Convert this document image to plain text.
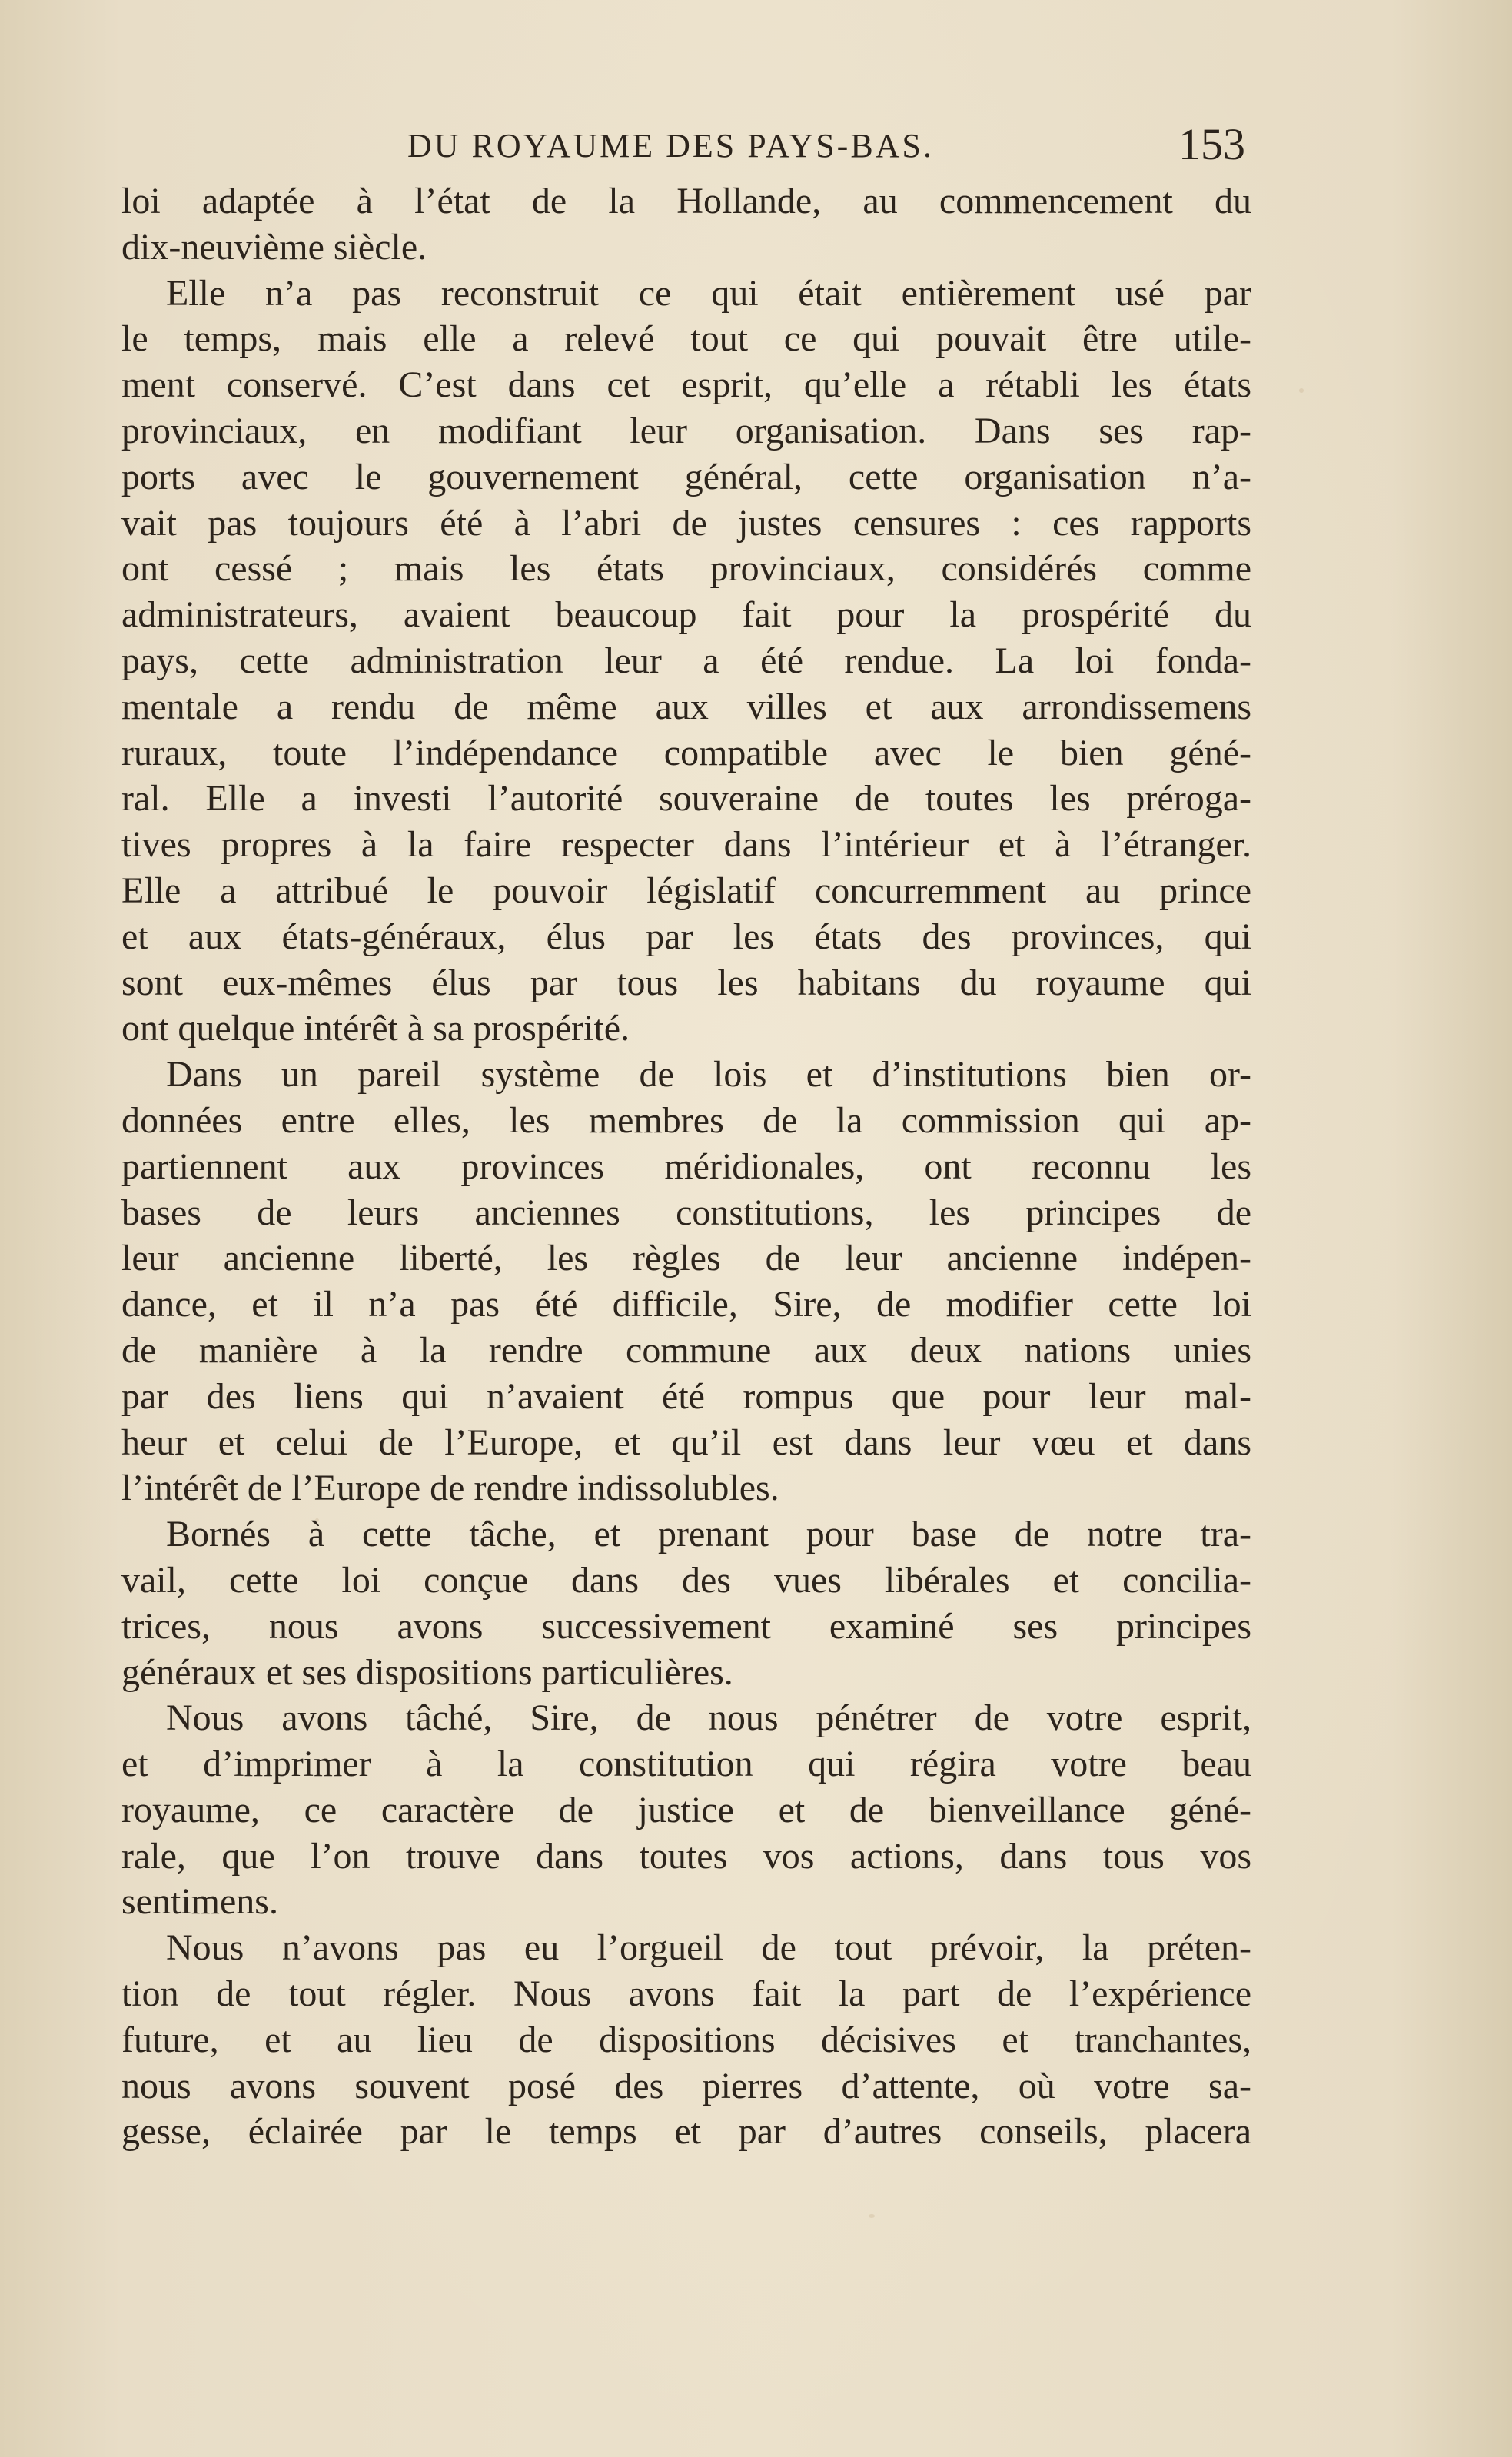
DU ROYAUME DES PAYS-BAS.	153
loi adaptée à l’état de la Hollande, au commencement du
dix-neuvième siècle.
Elle n’a pas reconstruit ce qui était entièrement usé par
le temps, mais elle a relevé tout ce qui pouvait être utile-
ment conservé. C’est dans cet esprit, qu’elle a rétabli les états
provinciaux, en modifiant leur organisation. Dans ses rap-
ports avec le gouvernement général, cette organisation n’a-
vait pas toujours été à l’abri de justes censures : ces rapports
ont cessé ; mais les états provinciaux, considérés comme
administrateurs, avaient beaucoup fait pour la prospérité du
pays, cette administration leur a été rendue. La loi fonda-
mentale a rendu de même aux villes et aux arrondissemens
ruraux, toute l’indépendance compatible avec le bien géné-
ral. Elle a investi l’autorité souveraine de toutes les préroga-
tives propres à la faire respecter dans l’intérieur et à l’étranger.
Elle a attribué le pouvoir législatif concurremment au prince
et aux états-généraux, élus par les états des provinces, qui
sont eux-mêmes élus par tous les habitans du royaume qui
ont quelque intérêt à sa prospérité.
Dans un pareil système de lois et d’institutions bien or-
données entre elles, les membres de la commission qui ap-
partiennent aux provinces méridionales, ont reconnu les
bases de leurs anciennes constitutions, les principes de
leur ancienne liberté, les règles de leur ancienne indépen-
dance, et il n’a pas été difficile, Sire, de modifier cette loi
de manière à la rendre commune aux deux nations unies
par des liens qui n’avaient été rompus que pour leur mal-
heur et celui de l’Europe, et qu’il est dans leur vœu et dans
l’intérêt de l’Europe de rendre indissolubles.
Bornés à cette tâche, et prenant pour base de notre tra-
vail, cette loi conçue dans des vues libérales et concilia-
trices, nous avons successivement examiné ses principes
généraux et ses dispositions particulières.
Nous avons tâché, Sire, de nous pénétrer de votre esprit,
et d’imprimer à la constitution qui régira votre beau
royaume, ce caractère de justice et de bienveillance géné-
rale, que l’on trouve dans toutes vos actions, dans tous vos
sentimens.
Nous n’avons pas eu l’orgueil de tout prévoir, la préten-
tion de tout régler. Nous avons fait la part de l’expérience
future, et au lieu de dispositions décisives et tranchantes,
nous avons souvent posé des pierres d’attente, où votre sa-
gesse, éclairée par le temps et par d’autres conseils, placera
